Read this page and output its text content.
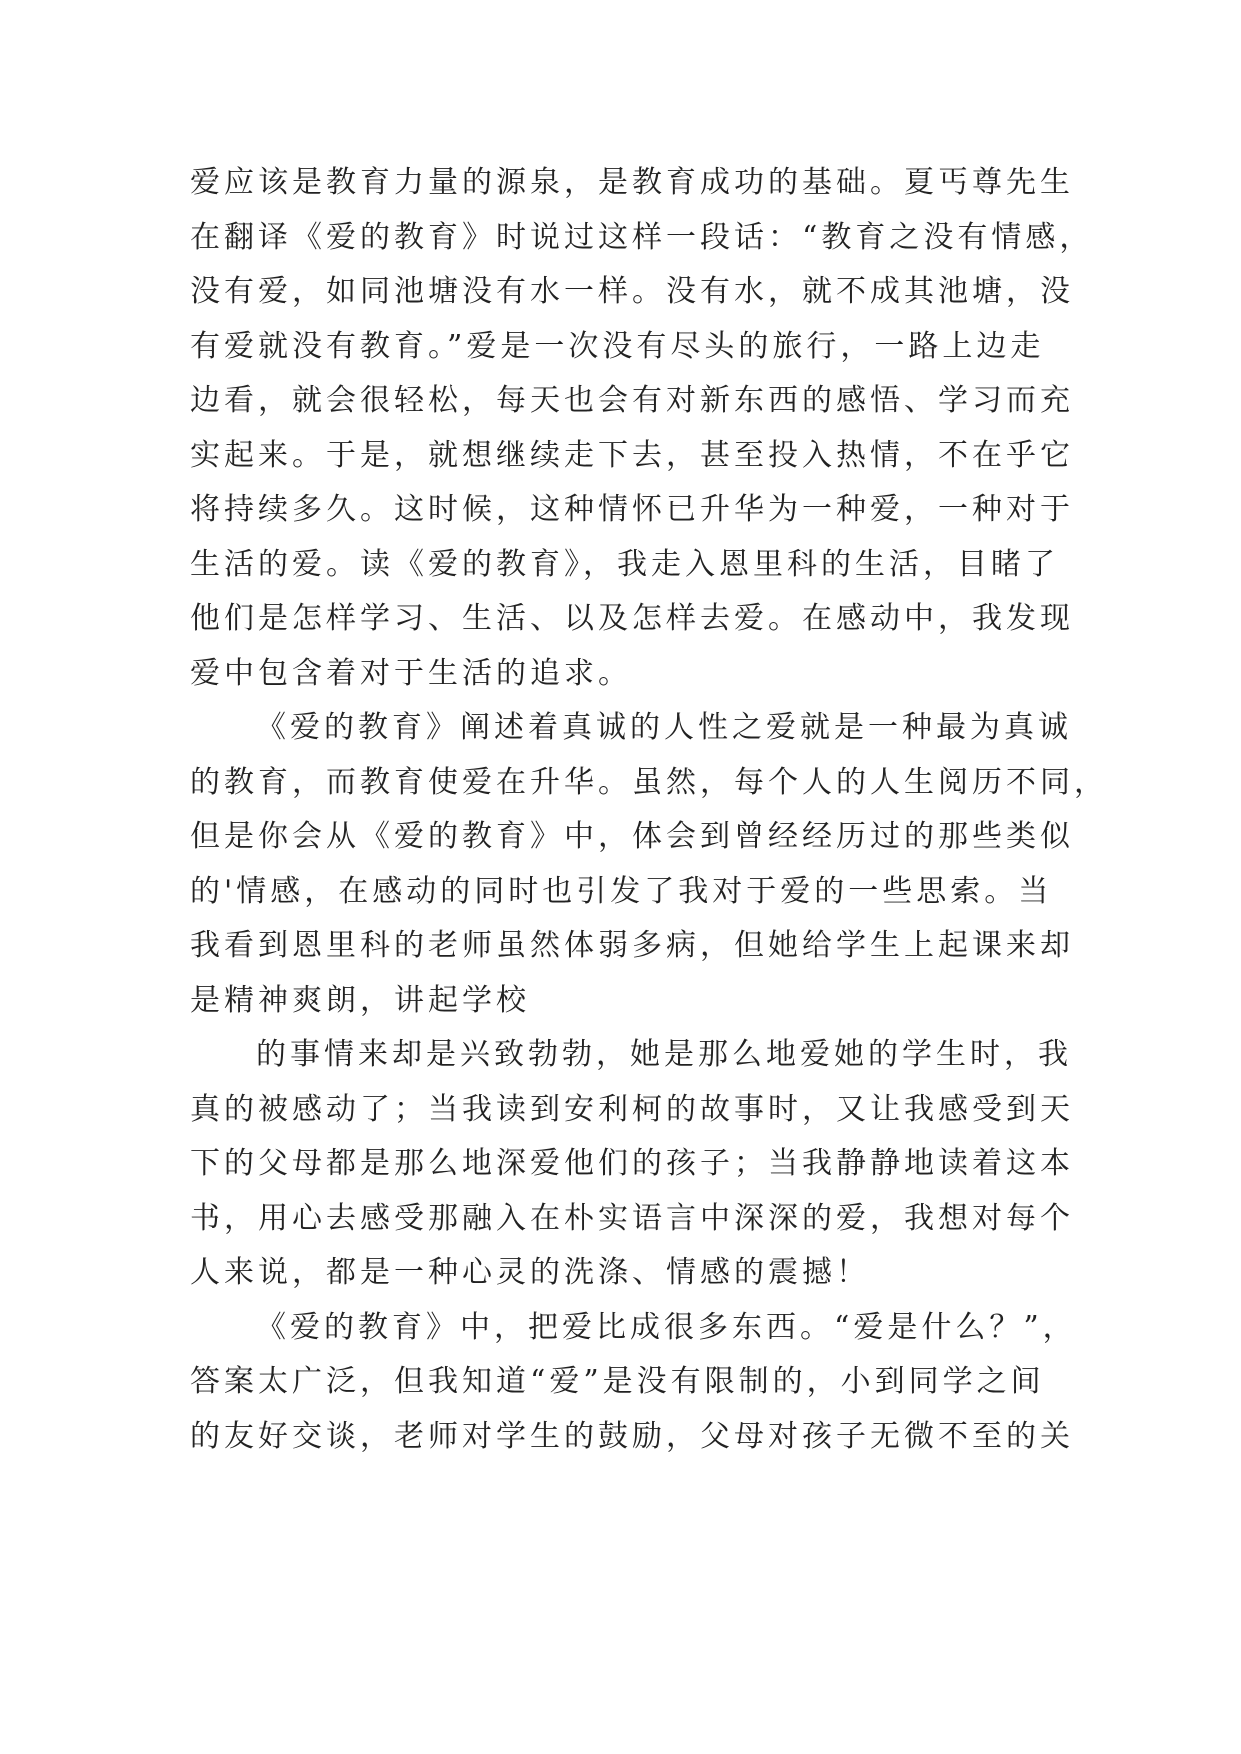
爱应该是教育力量的源泉，是教育成功的基础。夏丐尊先生
在翻译《爱的教育》时说过这样一段话：“教育之没有情感，
没有爱，如同池塘没有水一样。没有水，就不成其池塘，没
有爱就没有教育。”爱是一次没有尽头的旅行，一路上边走
边看，就会很轻松，每天也会有对新东西的感悟、学习而充
实起来。于是，就想继续走下去，甚至投入热情，不在乎它
将持续多久。这时候，这种情怀已升华为一种爱，一种对于
生活的爱。读《爱的教育》，我走入恩里科的生活，目睹了
他们是怎样学习、生活、以及怎样去爱。在感动中，我发现
爱中包含着对于生活的追求。
《爱的教育》阐述着真诚的人性之爱就是一种最为真诚
的教育，而教育使爱在升华。虽然，每个人的人生阅历不同，
但是你会从《爱的教育》中，体会到曾经经历过的那些类似
的'情感，在感动的同时也引发了我对于爱的一些思索。当
我看到恩里科的老师虽然体弱多病，但她给学生上起课来却
是精神爽朗，讲起学校
的事情来却是兴致勃勃，她是那么地爱她的学生时，我
真的被感动了；当我读到安利柯的故事时，又让我感受到天
下的父母都是那么地深爱他们的孩子；当我静静地读着这本
书，用心去感受那融入在朴实语言中深深的爱，我想对每个
人来说，都是一种心灵的洗涤、情感的震撼！
《爱的教育》中，把爱比成很多东西。“爱是什么？”，
答案太广泛，但我知道“爱”是没有限制的，小到同学之间
的友好交谈，老师对学生的鼓励，父母对孩子无微不至的关
